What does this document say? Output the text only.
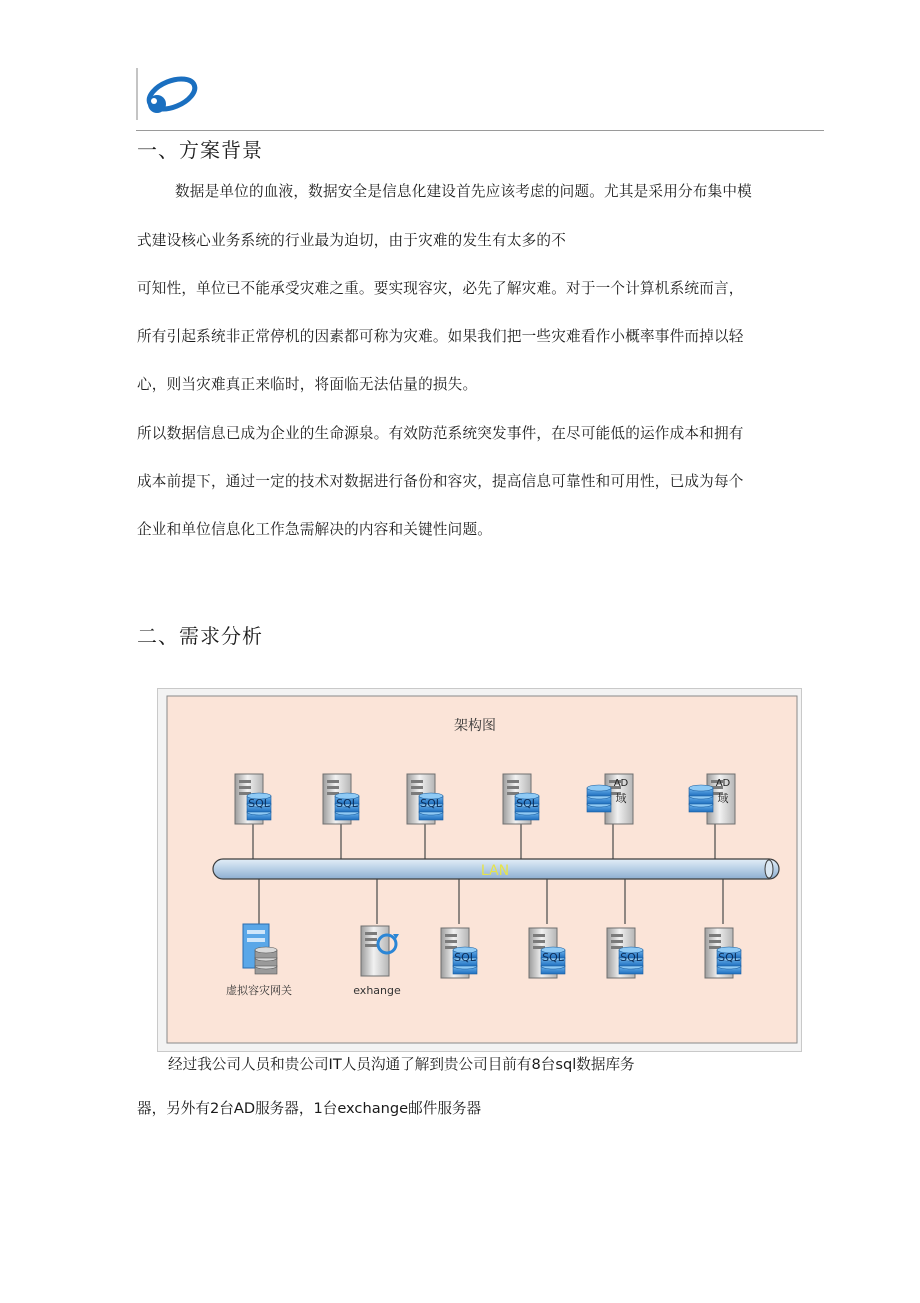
一、方案背景
数据是单位的血液，数据安全是信息化建设首先应该考虑的问题。尤其是采用分布集中模
式建设核心业务系统的行业最为迫切，由于灾难的发生有太多的不
可知性，单位已不能承受灾难之重。要实现容灾，必先了解灾难。对于一个计算机系统而言，
所有引起系统非正常停机的因素都可称为灾难。如果我们把一些灾难看作小概率事件而掉以轻
心，则当灾难真正来临时，将面临无法估量的损失。
所以数据信息已成为企业的生命源泉。有效防范系统突发事件，在尽可能低的运作成本和拥有
成本前提下，通过一定的技术对数据进行备份和容灾，提高信息可靠性和可用性，已成为每个
企业和单位信息化工作急需解决的内容和关键性问题。
二、需求分析
架构图
LAN
SQL	SQL	SQL	SQL
AD
域
AD
域
虚拟容灾网关	exhange
SQL	SQL	SQL	SQL
经过我公司人员和贵公司IT人员沟通了解到贵公司目前有8台sql数据库务
器，另外有2台AD服务器，1台exchange邮件服务器
